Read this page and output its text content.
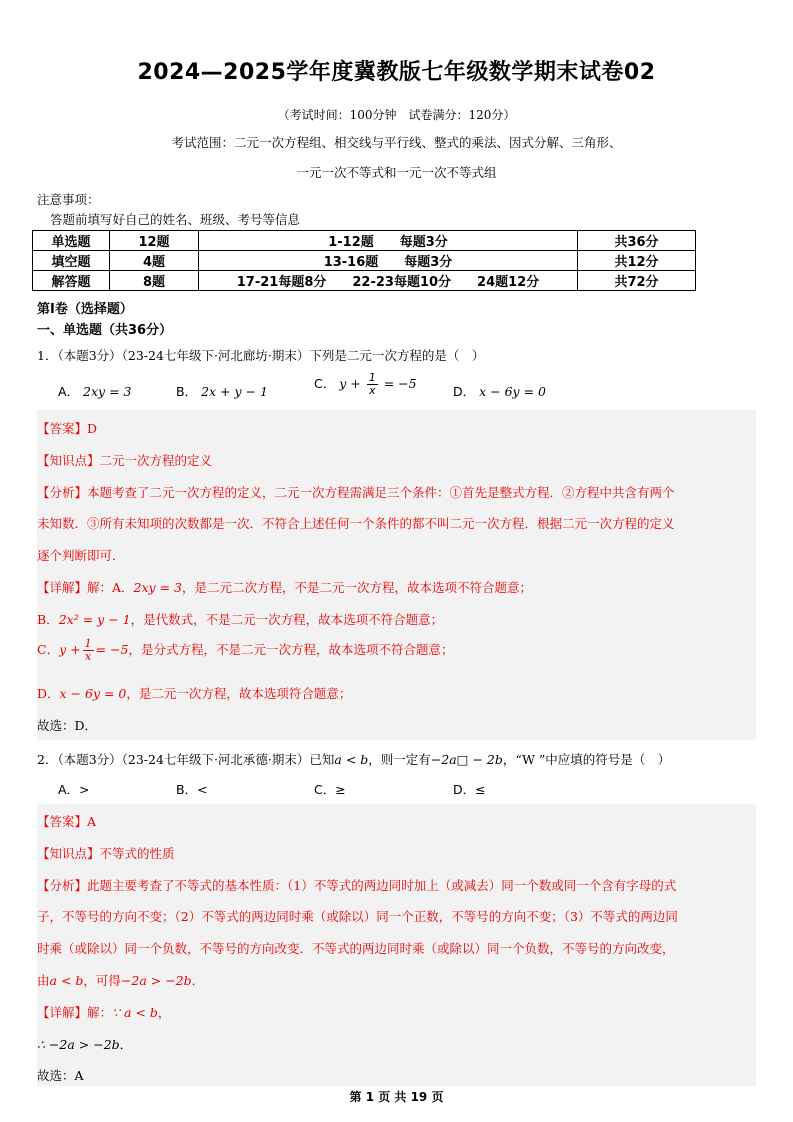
2024—2025学年度冀教版七年级数学期末试卷02
（考试时间：100分钟　试卷满分：120分）
考试范围：二元一次方程组、相交线与平行线、整式的乘法、因式分解、三角形、
一元一次不等式和一元一次不等式组
注意事项：
答题前填写好自己的姓名、班级、考号等信息
单选题	12题	1-12题　　每题3分	共36分
填空题	4题	13-16题　　每题3分	共12分
解答题	8题	17-21每题8分　　22-23每题10分　　24题12分	共72分
第Ⅰ卷（选择题）
一、单选题（共36分）
1．（本题3分）（23-24七年级下·河北廊坊·期末）下列是二元一次方程的是（　）
A． 2xy = 3	B． 2x + y − 1
C． $y + \frac{1}{x} = -5$
D． x − 6y = 0
【答案】D
【知识点】二元一次方程的定义
【分析】本题考查了二元一次方程的定义，二元一次方程需满足三个条件：①首先是整式方程．②方程中共含有两个
未知数．③所有未知项的次数都是一次．不符合上述任何一个条件的都不叫二元一次方程．根据二元一次方程的定义
逐个判断即可．
【详解】解：A．2xy = 3，是二元二次方程，不是二元一次方程，故本选项不符合题意；
B．2x² = y − 1，是代数式，不是二元一次方程，故本选项不符合题意；
C．$y + \frac{1}{x} = -5$，是分式方程，不是二元一次方程，故本选项不符合题意；
D．x − 6y = 0，是二元一次方程，故本选项符合题意；
故选：D．
2．（本题3分）（23-24七年级下·河北承德·期末）已知a < b，则一定有−2a□ − 2b，“W ”中应填的符号是（　）
A．>	B．<	C．≥	D．≤
【答案】A
【知识点】不等式的性质
【分析】此题主要考查了不等式的基本性质：（1）不等式的两边同时加上（或减去）同一个数或同一个含有字母的式
子，不等号的方向不变；（2）不等式的两边同时乘（或除以）同一个正数，不等号的方向不变；（3）不等式的两边同
时乘（或除以）同一个负数，不等号的方向改变．不等式的两边同时乘（或除以）同一个负数，不等号的方向改变，
由a < b，可得−2a > −2b．
【详解】解：∵ a < b，
∴ −2a > −2b．
故选：A
第 1 页 共 19 页
